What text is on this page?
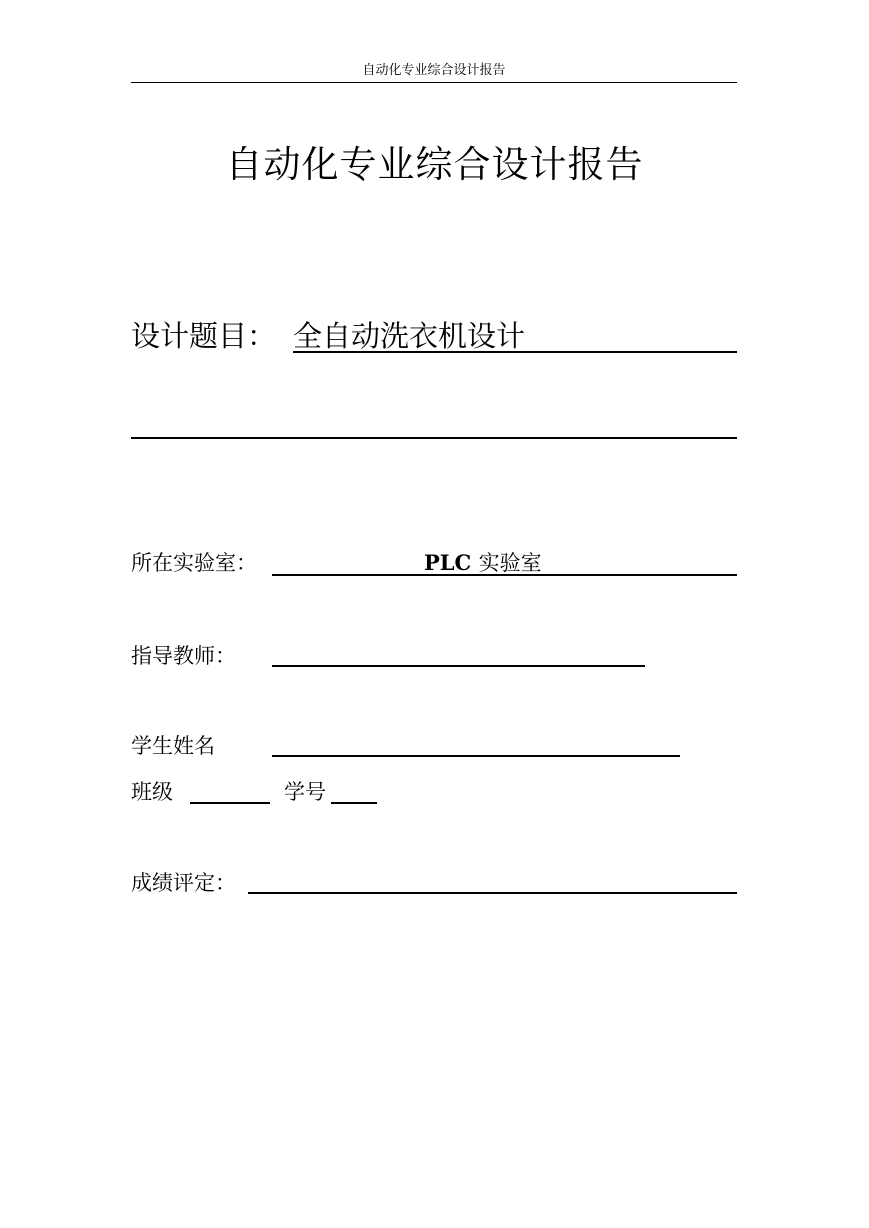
自动化专业综合设计报告
自动化专业综合设计报告
设计题目： 全自动洗衣机设计
所在实验室：	PLC 实验室
指导教师：
学生姓名
班级	学号
成绩评定：
